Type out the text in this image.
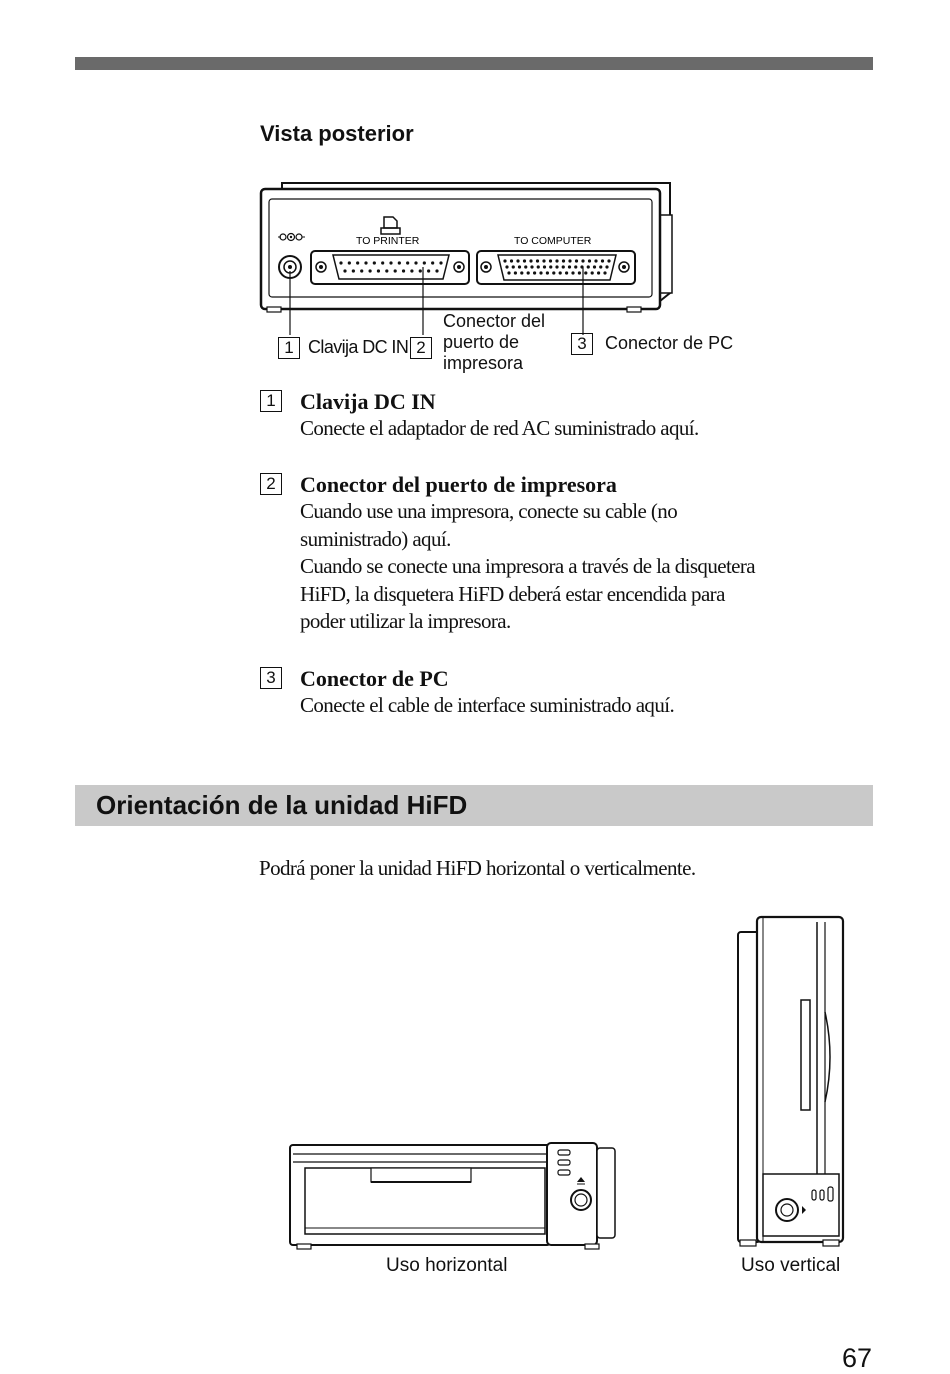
Vista posterior
TO PRINTER	TO COMPUTER
1 Clavija DC IN 2
Conector del
puerto de
impresora
3 Conector de PC
1 Clavija DC IN
Conecte el adaptador de red AC suministrado aquí.
2 Conector del puerto de impresora
Cuando use una impresora, conecte su cable (no
suministrado) aquí.
Cuando se conecte una impresora a través de la disquetera
HiFD, la disquetera HiFD deberá estar encendida para
poder utilizar la impresora.
3 Conector de PC
Conecte el cable de interface suministrado aquí.
Orientación de la unidad HiFD
Podrá poner la unidad HiFD horizontal o verticalmente.
Uso horizontal	Uso vertical
67
